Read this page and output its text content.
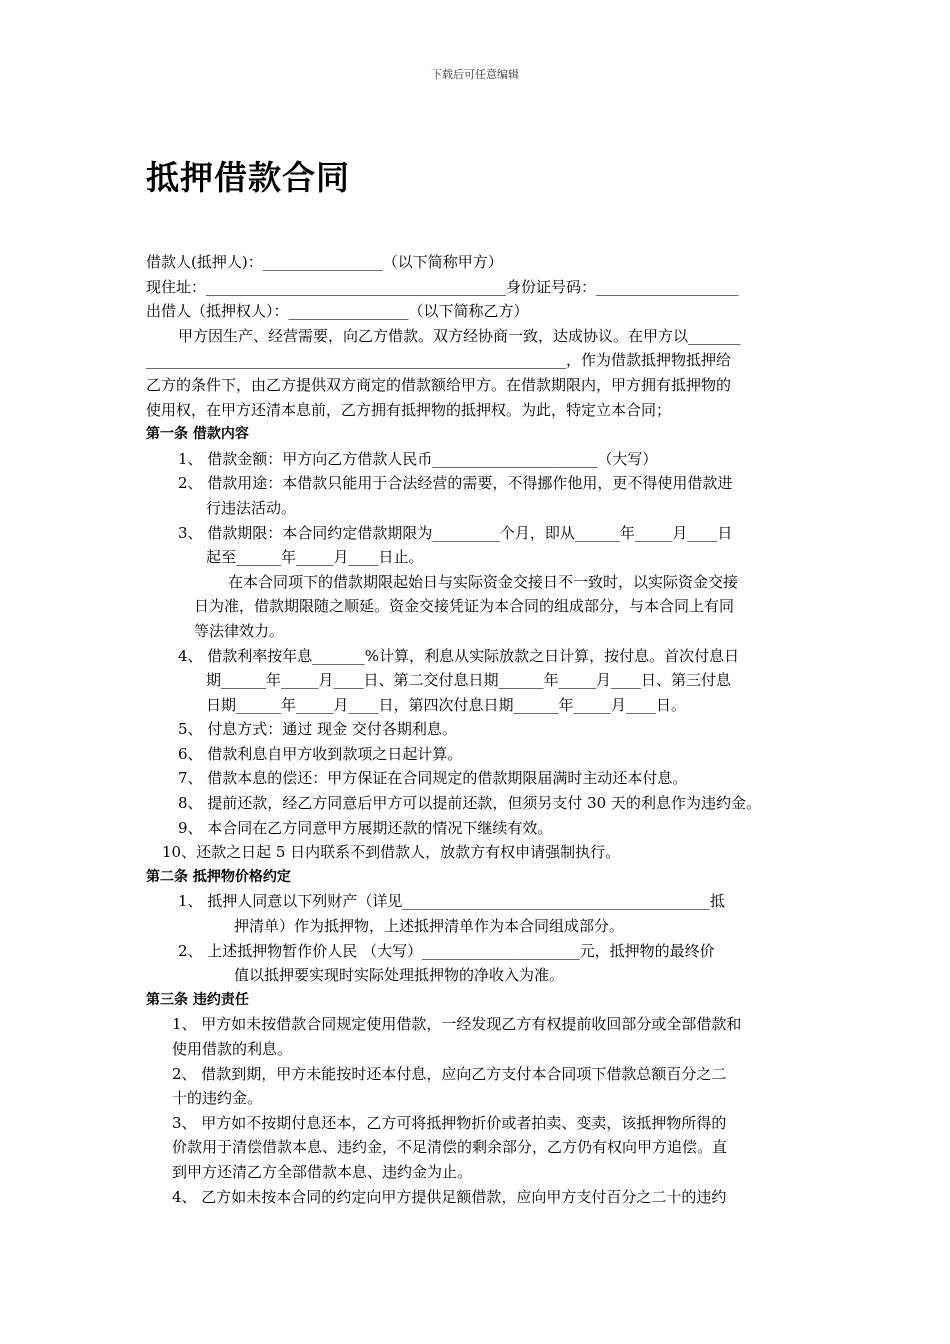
下载后可任意编辑
抵押借款合同
借款人(抵押人)：________________（以下简称甲方）
现住址：________________________________________身份证号码：___________________
出借人（抵押权人）：________________（以下简称乙方）
甲方因生产、经营需要，向乙方借款。双方经协商一致，达成协议。在甲方以_______
________________________________________________________，作为借款抵押物抵押给
乙方的条件下，由乙方提供双方商定的借款额给甲方。在借款期限内，甲方拥有抵押物的
使用权，在甲方还清本息前，乙方拥有抵押物的抵押权。为此，特定立本合同；
第一条 借款内容
1、 借款金额：甲方向乙方借款人民币______________________（大写）
2、 借款用途：本借款只能用于合法经营的需要，不得挪作他用，更不得使用借款进
行违法活动。
3、 借款期限：本合同约定借款期限为_________个月，即从______年_____月____日
起至______年_____月____日止。
在本合同项下的借款期限起始日与实际资金交接日不一致时，以实际资金交接
日为准，借款期限随之顺延。资金交接凭证为本合同的组成部分，与本合同上有同
等法律效力。
4、 借款利率按年息_______%计算，利息从实际放款之日计算，按付息。首次付息日
期______年_____月____日、第二交付息日期______年_____月____日、第三付息
日期______年_____月____日，第四次付息日期______年_____月____日。
5、 付息方式：通过 现金 交付各期利息。
6、 借款利息自甲方收到款项之日起计算。
7、 借款本息的偿还：甲方保证在合同规定的借款期限届满时主动还本付息。
8、 提前还款，经乙方同意后甲方可以提前还款，但须另支付 30 天的利息作为违约金。
9、 本合同在乙方同意甲方展期还款的情况下继续有效。
10、还款之日起 5 日内联系不到借款人，放款方有权申请强制执行。
第二条 抵押物价格约定
1、 抵押人同意以下列财产（详见_________________________________________抵
押清单）作为抵押物，上述抵押清单作为本合同组成部分。
2、 上述抵押物暂作价人民 （大写）_____________________元，抵押物的最终价
值以抵押要实现时实际处理抵押物的净收入为准。
第三条 违约责任
1、 甲方如未按借款合同规定使用借款，一经发现乙方有权提前收回部分或全部借款和
使用借款的利息。
2、 借款到期，甲方未能按时还本付息，应向乙方支付本合同项下借款总额百分之二
十的违约金。
3、 甲方如不按期付息还本，乙方可将抵押物折价或者拍卖、变卖，该抵押物所得的
价款用于清偿借款本息、违约金，不足清偿的剩余部分，乙方仍有权向甲方追偿。直
到甲方还清乙方全部借款本息、违约金为止。
4、 乙方如未按本合同的约定向甲方提供足额借款，应向甲方支付百分之二十的违约
